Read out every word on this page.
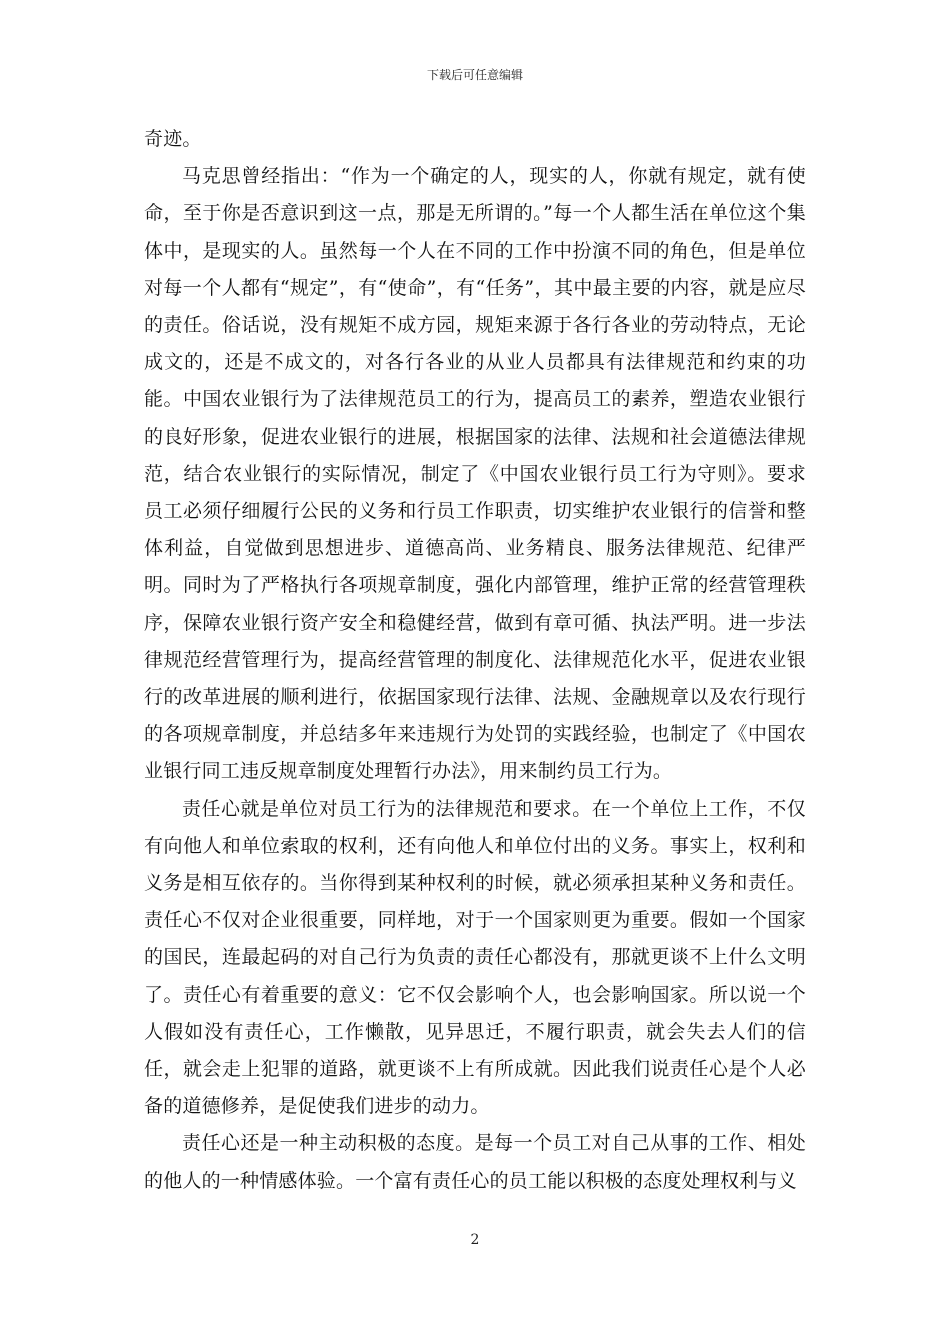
下载后可任意编辑

奇迹。

马克思曾经指出：“作为一个确定的人，现实的人，你就有规定，就有使命，至于你是否意识到这一点，那是无所谓的。”每一个人都生活在单位这个集体中，是现实的人。虽然每一个人在不同的工作中扮演不同的角色，但是单位对每一个人都有“规定”，有“使命”，有“任务”，其中最主要的内容，就是应尽的责任。俗话说，没有规矩不成方园，规矩来源于各行各业的劳动特点，无论成文的，还是不成文的，对各行各业的从业人员都具有法律规范和约束的功能。中国农业银行为了法律规范员工的行为，提高员工的素养，塑造农业银行的良好形象，促进农业银行的进展，根据国家的法律、法规和社会道德法律规范，结合农业银行的实际情况，制定了《中国农业银行员工行为守则》。要求员工必须仔细履行公民的义务和行员工作职责，切实维护农业银行的信誉和整体利益，自觉做到思想进步、道德高尚、业务精良、服务法律规范、纪律严明。同时为了严格执行各项规章制度，强化内部管理，维护正常的经营管理秩序，保障农业银行资产安全和稳健经营，做到有章可循、执法严明。进一步法律规范经营管理行为，提高经营管理的制度化、法律规范化水平，促进农业银行的改革进展的顺利进行，依据国家现行法律、法规、金融规章以及农行现行的各项规章制度，并总结多年来违规行为处罚的实践经验，也制定了《中国农业银行同工违反规章制度处理暂行办法》，用来制约员工行为。

责任心就是单位对员工行为的法律规范和要求。在一个单位上工作，不仅有向他人和单位索取的权利，还有向他人和单位付出的义务。事实上，权利和义务是相互依存的。当你得到某种权利的时候，就必须承担某种义务和责任。责任心不仅对企业很重要，同样地，对于一个国家则更为重要。假如一个国家的国民，连最起码的对自己行为负责的责任心都没有，那就更谈不上什么文明了。责任心有着重要的意义：它不仅会影响个人，也会影响国家。所以说一个人假如没有责任心，工作懒散，见异思迁，不履行职责，就会失去人们的信任，就会走上犯罪的道路，就更谈不上有所成就。因此我们说责任心是个人必备的道德修养，是促使我们进步的动力。

责任心还是一种主动积极的态度。是每一个员工对自己从事的工作、相处的他人的一种情感体验。一个富有责任心的员工能以积极的态度处理权利与义

2
